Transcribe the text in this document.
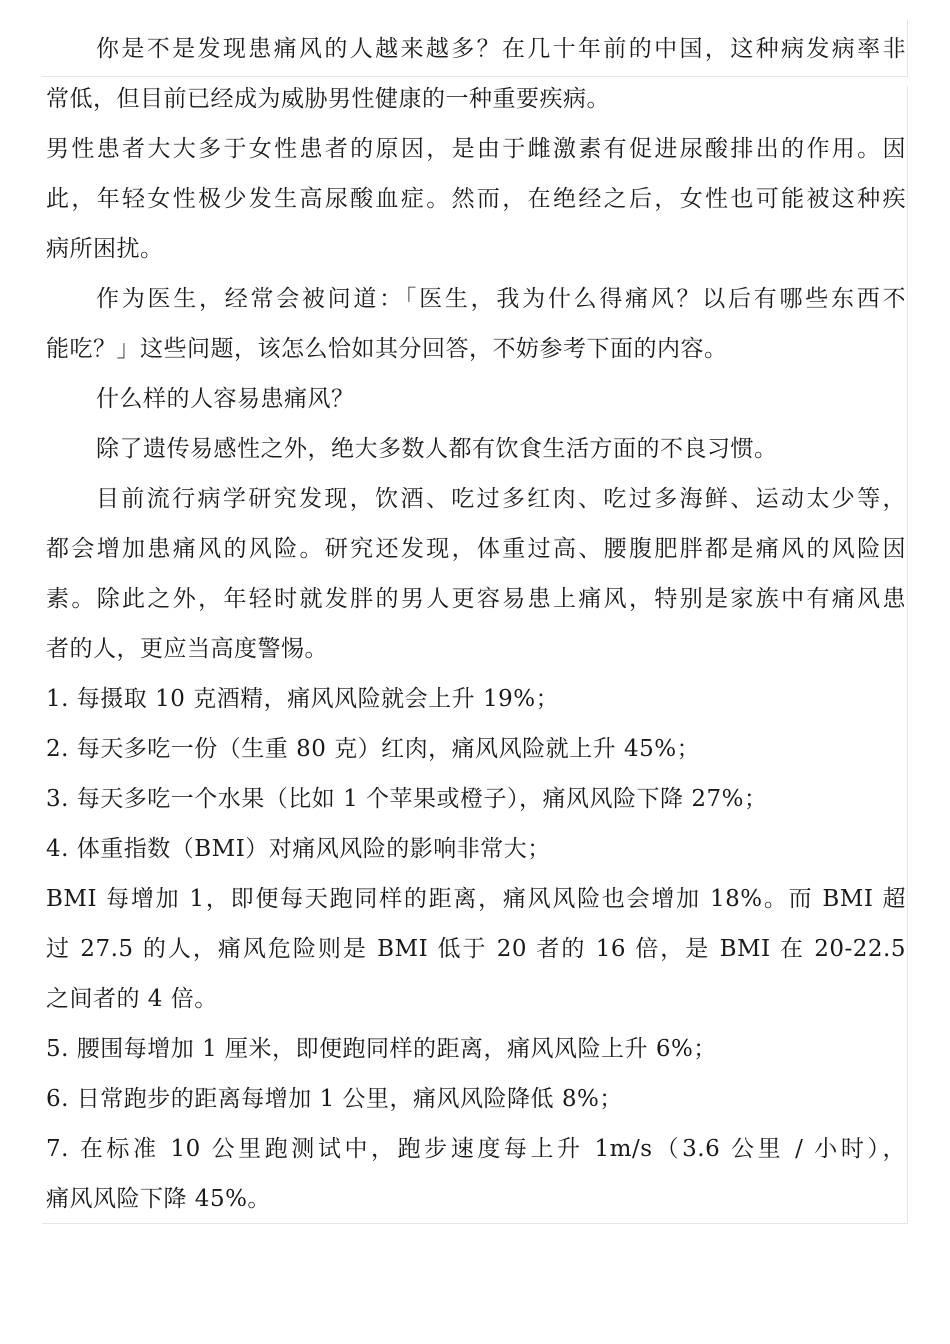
你是不是发现患痛风的人越来越多？在几十年前的中国，这种病发病率非
常低，但目前已经成为威胁男性健康的一种重要疾病。
男性患者大大多于女性患者的原因，是由于雌激素有促进尿酸排出的作用。因
此，年轻女性极少发生高尿酸血症。然而，在绝经之后，女性也可能被这种疾
病所困扰。
作为医生，经常会被问道：「医生，我为什么得痛风？以后有哪些东西不
能吃？」这些问题，该怎么恰如其分回答，不妨参考下面的内容。
什么样的人容易患痛风？
除了遗传易感性之外，绝大多数人都有饮食生活方面的不良习惯。
目前流行病学研究发现，饮酒、吃过多红肉、吃过多海鲜、运动太少等，
都会增加患痛风的风险。研究还发现，体重过高、腰腹肥胖都是痛风的风险因
素。除此之外，年轻时就发胖的男人更容易患上痛风，特别是家族中有痛风患
者的人，更应当高度警惕。
1. 每摄取 10 克酒精，痛风风险就会上升 19%；
2. 每天多吃一份（生重 80 克）红肉，痛风风险就上升 45%；
3. 每天多吃一个水果（比如 1 个苹果或橙子），痛风风险下降 27%；
4. 体重指数（BMI）对痛风风险的影响非常大；
BMI 每增加 1，即便每天跑同样的距离，痛风风险也会增加 18%。而 BMI 超
过 27.5 的人，痛风危险则是 BMI 低于 20 者的 16 倍，是 BMI 在 20-22.5
之间者的 4 倍。
5. 腰围每增加 1 厘米，即便跑同样的距离，痛风风险上升 6%；
6. 日常跑步的距离每增加 1 公里，痛风风险降低 8%；
7. 在标准 10 公里跑测试中，跑步速度每上升 1m/s（3.6 公里 / 小时），
痛风风险下降 45%。
